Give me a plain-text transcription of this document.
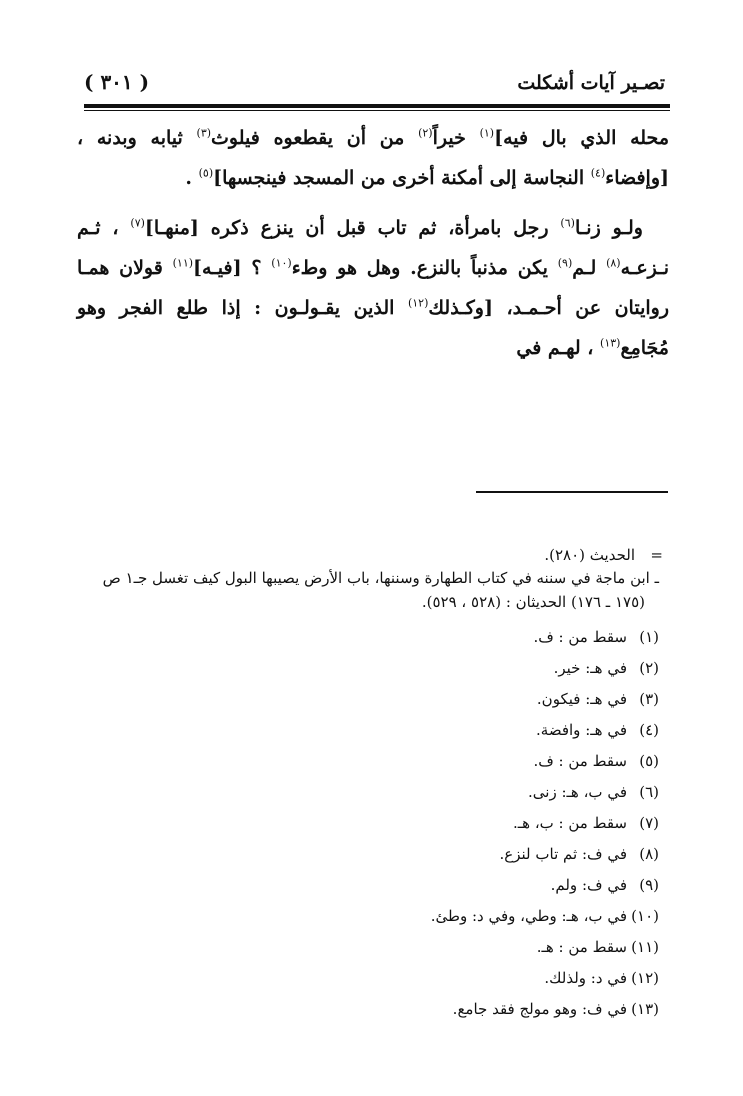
تصـير آيات أشكلت
( ٣٠١ )

محله الذي بال فيه]$^{(١)}$ خيراً$^{(٢)}$ من أن يقطعوه فيلوث$^{(٣)}$ ثيابه وبدنه ، [وإفضاء$^{(٤)}$ النجاسة إلى أمكنة أخرى من المسجد فينجسها]$^{(٥)}$ .

ولـو زنـا$^{(٦)}$ رجل بامرأة، ثم تاب قبل أن ينزع ذكره [منهـا]$^{(٧)}$ ، ثـم نـزعـه$^{(٨)}$ لـم$^{(٩)}$ يكن مذنباً بالنزع. وهل هو وطء$^{(١٠)}$ ؟ [فيـه]$^{(١١)}$ قولان همـا روايتان عن أحـمـد، [وكـذلك$^{(١٢)}$ الذين يقـولـون : إذا طلع الفجر وهو مُجَامِع$^{(١٣)}$ ، لهـم في

=الحديث (٢٨٠).
ـ ابن ماجة في سننه في كتاب الطهارة وسننها، باب الأرض يصيبها البول كيف تغسل جـ١ ص
(١٧٥ ـ ١٧٦) الحديثان : (٥٢٨ ، ٥٢٩).
(١)سقط من : ف.
(٢)في هـ: خير.
(٣)في هـ: فيكون.
(٤)في هـ: وافضة.
(٥)سقط من : ف.
(٦)في ب، هـ: زنى.
(٧)سقط من : ب، هـ.
(٨)في ف: ثم تاب لنزع.
(٩)في ف: ولم.
(١٠)في ب، هـ: وطي، وفي د: وطئ.
(١١)سقط من : هـ.
(١٢)في د: ولذلك.
(١٣)في ف: وهو مولج فقد جامع.
